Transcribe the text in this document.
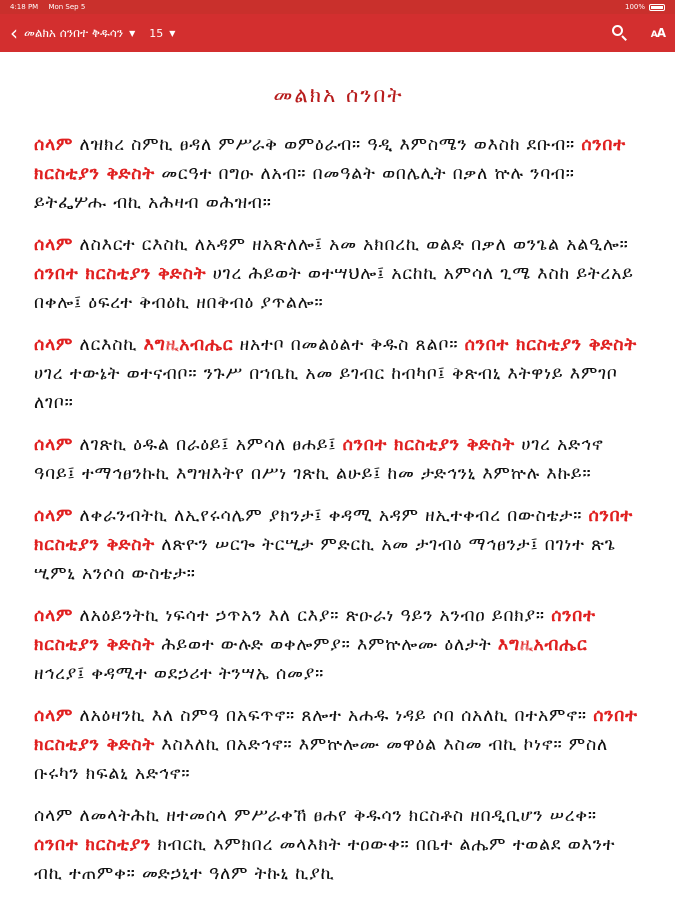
4:18 PM Mon Sep 5	100%
‹ መልክአ ሰንበተ ቅዱሳን ▼ 15 ▼	AA
መልክአ ሰንበት

ሰላም ለዝክረ ስምኪ ፀዳለ ምሥራቅ ወምዕራብ። ዓዲ እምስሜን ወእስከ ደቡብ። ሰንበተ ክርስቲያን ቅድስት መርዓተ በግዑ ለአብ። በመዓልት ወበሌሊት በቃለ ኵሉ ንባብ። ይትፌሦሑ ብኪ አሕዛብ ወሕዝብ።

ሰላም ለስእርተ ርእስኪ ለአዳም ዘአጽለሎ፤ አመ አክበረኪ ወልድ በቃለ ወንጌል አልዒሎ። ሰንበተ ክርስቲያን ቅድስት ሀገረ ሕይወት ወተሣህሎ፤ አርከኪ አምሳለ ጊሜ እስከ ይትረአይ በቀሎ፤ ዕፍረተ ቅብዕኪ ዘበቅብዕ ያጥልሎ።

ሰላም ለርእስኪ እግዚአብሔር ዘአተቦ በመልዕልተ ቅዱስ ጸልቦ። ሰንበተ ክርስቲያን ቅድስት ሀገረ ተውኔት ወተናብቦ። ንጉሥ በኀቤኪ አመ ይገብር ከብካቦ፤ ቅጽብኒ እትዋነይ እምገቦ ለገቦ።

ሰላም ለገጽኪ ዕዱል በራዕይ፤ አምሳለ ፀሐይ፤ ሰንበተ ክርስቲያን ቅድስት ሀገረ አድኅኖ ዓባይ፤ ተማኅፀንኩኪ እግዝእትየ በሥነ ገጽኪ ልሁይ፤ ከመ ታድኅንኒ እምኵሉ እኩይ።

ሰላም ለቀራንብትኪ ለኢየሩሳሌም ያክንታ፤ ቀዳሚ አዳም ዘኢተቀብረ በውስቴታ። ሰንበተ ክርስቲያን ቅድስት ለጽዮን ሠርጐ ትርሢታ ምድርኪ አመ ታገብዕ ማኅፀንታ፤ በገነተ ጽጌ ሢምኒ አንሶሰ ውስቴታ።

ሰላም ለአዕይንትኪ ነፍሳተ ኃጥአን እለ ርእያ። ጽዑራነ ዓይን አንብዐ ይበክያ። ሰንበተ ክርስቲያን ቅድስት ሕይወተ ውሉድ ወቀሎምያ። እምኵሎሙ ዕለታት እግዚአብሔር ዘኅረያ፤ ቀዳሚተ ወደኃሪተ ትንሣኤ ሰመያ።

ሰላም ለአዕዛንኪ እለ ስምዓ በአፍጥኖ። ጸሎተ አሐዱ ነዳይ ሶበ ሰአለኪ በተአምኖ። ሰንበተ ክርስቲያን ቅድስት እስእለኪ በአድኅኖ። እምኵሎሙ መዋዕል እስመ ብኪ ኮነኖ። ምስለ ቡሩካን ክፍልኒ አድኅኖ።

ሰላም ለመላትሕኪ ዘተመሰላ ምሥራቀኸ ፀሐየ ቅዱሳን ክርስቶስ ዘበዲቢሆን ሠረቀ። ሰንበተ ክርስቲያን ክብርኪ እምክበረ መላእክት ተዐውቀ። በቤተ ልሔም ተወልደ ወእንተ ብኪ ተጠምቀ። መድኃኒተ ዓለም ትኩኒ ኪያኪ
